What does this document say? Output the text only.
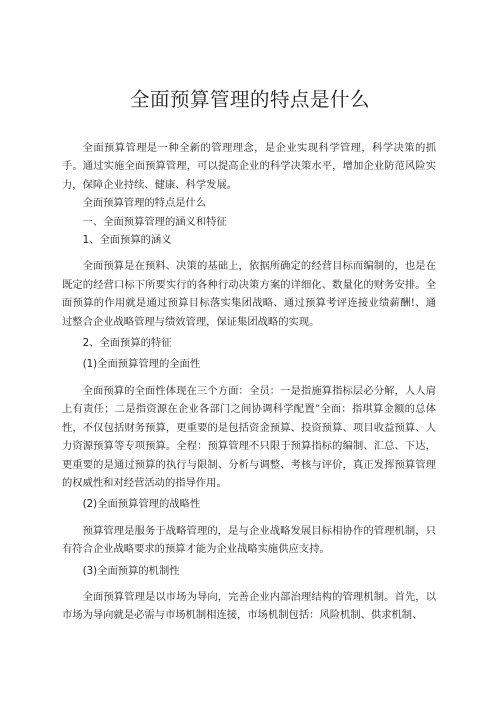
全面预算管理的特点是什么

全面预算管理是一种全新的管理理念，是企业实现科学管理，科学决策的抓手。通过实施全面预算管理，可以提高企业的科学决策水平，增加企业防范风险实力，保障企业持续、健康、科学发展。

全面预算管理的特点是什么

一、全面预算管理的涵义和特征

1、全面预算的涵义

全面预算是在预料、决策的基础上，依据所确定的经营目标而编制的，也是在既定的经营口标下所要实行的各种行动决策方案的详细化、数量化的财务安排。全面预算的作用就是通过预算目标落实集团战略、通过预算考评连接业绩薪酬!、通过整合企业战略管理与绩效管理，保证集团战略的实现。

2、全面预算的特征

(1)全面预算管理的全面性

全面预算的全面性体现在三个方面：全员：一是指施算指标层必分解，人人肩上有责任；二是指资源在企业各部门之间协调科学配置”全面：指琪算金额的总体性，不仅包括财务预算，更重要的是包括资金预算、投资预算、项目收益预算、人力资源预算等专项预算。全程：预算管理不只限于预算指标的编制、汇总、下达，更重要的是通过预算的执行与限制、分析与调整、考核与评价，真正发挥预算管理的权威性和对经营活动的指导作用。

(2)全面预算管理的战略性

预算管理是服务于战略管理的，是与企业战略发展目标相协作的管理机制，只有符合企业战略要求的预算才能为企业战略实施供应支持。

(3)全面预算的机制性

全面预算管理是以市场为导向，完善企业内部治理结构的管理机制。首先，以市场为导向就是必需与市场机制相连接，市场机制包括：风险机制、供求机制、
